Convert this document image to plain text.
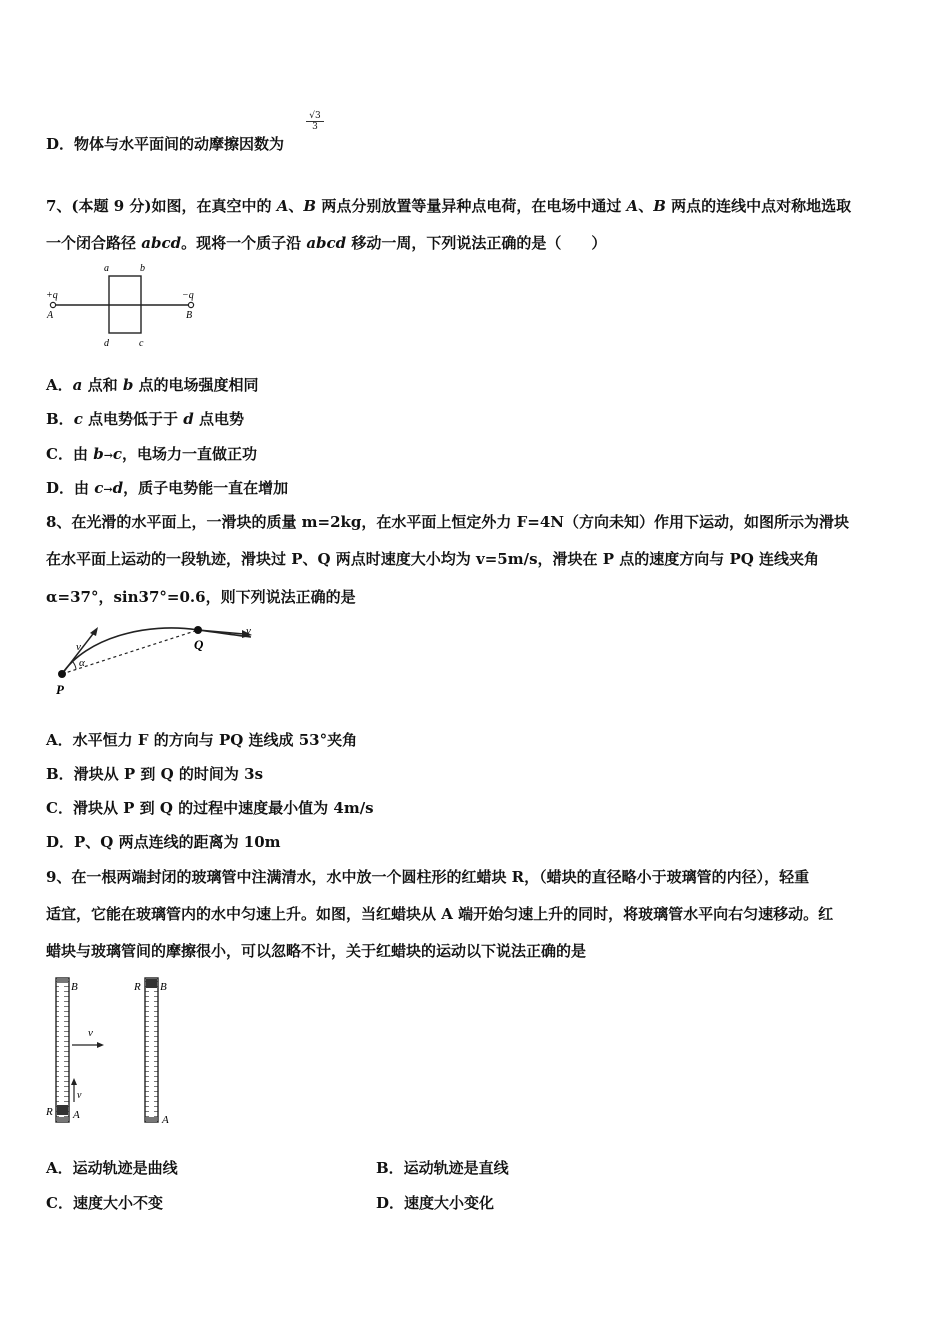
D．物体与水平面间的动摩擦因数为
$\frac{√3}{3}$
7、(本题 9 分)如图，在真空中的 A、B 两点分别放置等量异种点电荷，在电场中通过 A、B 两点的连线中点对称地选取
一个闭合路径 abcd。现将一个质子沿 abcd 移动一周，下列说法正确的是（　　）
+q
A
−q
B
a	b
c
d
A．a 点和 b 点的电场强度相同
B．c 点电势低于于 d 点电势
C．由 b→c，电场力一直做正功
D．由 c→d，质子电势能一直在增加
8、在光滑的水平面上，一滑块的质量 m=2kg，在水平面上恒定外力 F=4N（方向未知）作用下运动，如图所示为滑块
在水平面上运动的一段轨迹，滑块过 P、Q 两点时速度大小均为 v=5m/s，滑块在 P 点的速度方向与 PQ 连线夹角
α=37°，sin37°=0.6，则下列说法正确的是
P
Q
v
v
α
A．水平恒力 F 的方向与 PQ 连线成 53°夹角
B．滑块从 P 到 Q 的时间为 3s
C．滑块从 P 到 Q 的过程中速度最小值为 4m/s
D．P、Q 两点连线的距离为 10m
9、在一根两端封闭的玻璃管中注满清水，水中放一个圆柱形的红蜡块 R，（蜡块的直径略小于玻璃管的内径），轻重
适宜，它能在玻璃管内的水中匀速上升。如图，当红蜡块从 A 端开始匀速上升的同时，将玻璃管水平向右匀速移动。红
蜡块与玻璃管间的摩擦很小，可以忽略不计，关于红蜡块的运动以下说法正确的是
v
v
B
A
R
B
A
R
A．运动轨迹是曲线	B．运动轨迹是直线
C．速度大小不变	D．速度大小变化
